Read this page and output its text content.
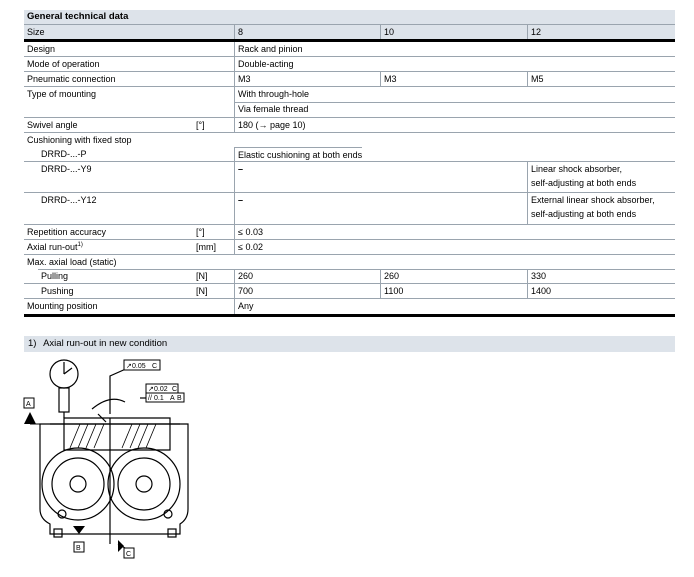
General technical data
Size	8	10	12
Design	Rack and pinion
Mode of operation	Double-acting
Pneumatic connection	M3	M3	M5
Type of mounting	With through-hole
Via female thread
Swivel angle	[°]	180 (→ page 10)
Cushioning with fixed stop
DRRD-...-P	Elastic cushioning at both ends
DRRD-...-Y9	–	Linear shock absorber,
self-adjusting at both ends
DRRD-...-Y12	–	External linear shock absorber,
self-adjusting at both ends
Repetition accuracy	[°]	≤ 0.03
Axial run-out$^{1)}$	[mm]	≤ 0.02
Max. axial load (static)
Pulling	[N]	260	260	330
Pushing	[N]	700	1100	1400
Mounting position	Any
1) Axial run-out in new condition
0.05 C
↗
0.02 C
↗
0.1 A B
//
A
B
C
